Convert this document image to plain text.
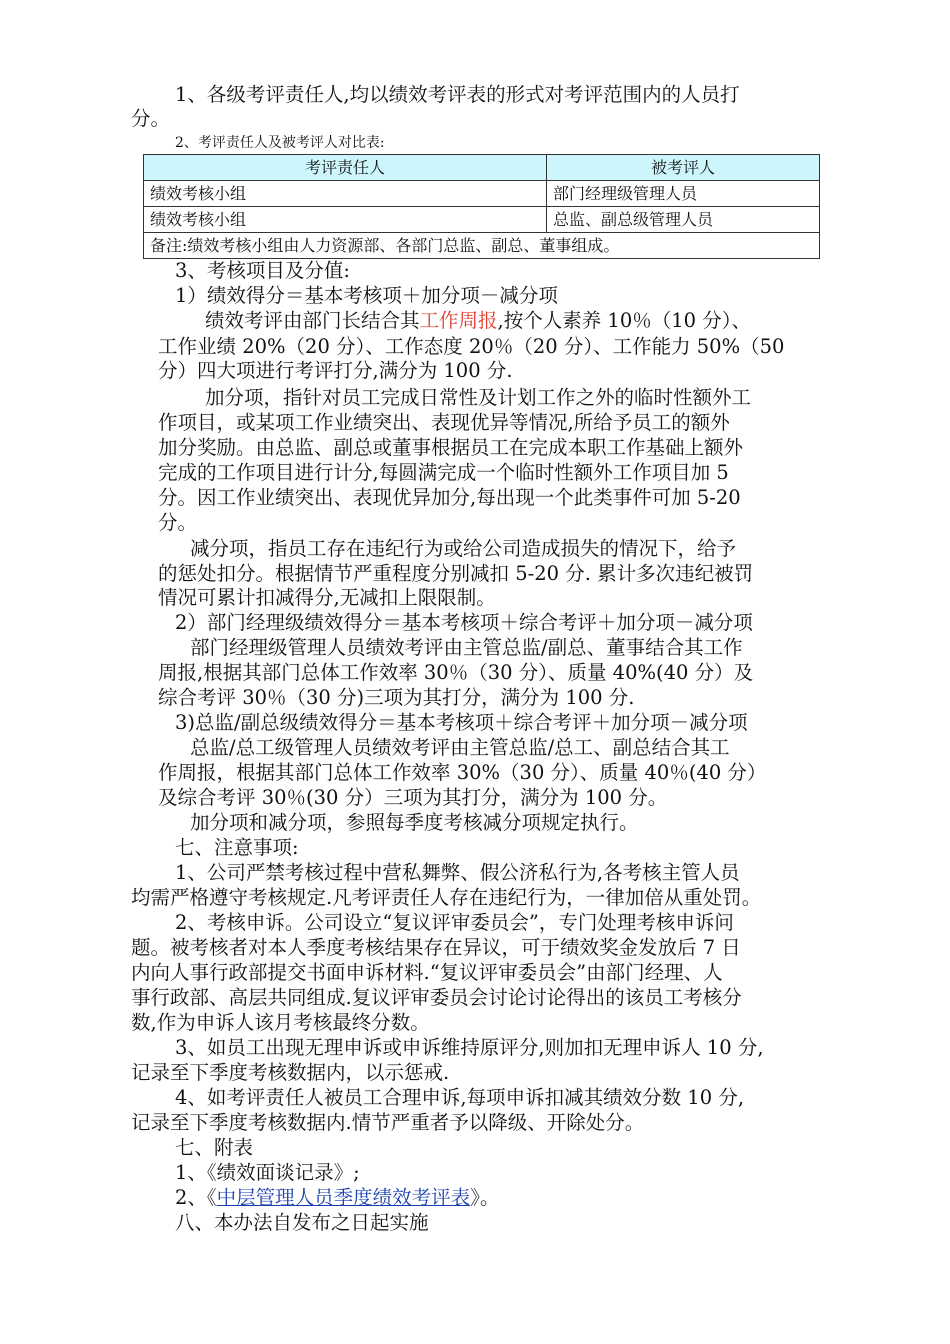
1、各级考评责任人,均以绩效考评表的形式对考评范围内的人员打
分。
2、考评责任人及被考评人对比表:
考评责任人	被考评人
绩效考核小组	部门经理级管理人员
绩效考核小组	总监、副总级管理人员
备注:绩效考核小组由人力资源部、各部门总监、副总、董事组成。	
3、考核项目及分值:
1）绩效得分＝基本考核项＋加分项－减分项
绩效考评由部门长结合其工作周报,按个人素养 10％（10 分）、
工作业绩 20%（20 分）、工作态度 20％（20 分）、工作能力 50%（50
分）四大项进行考评打分,满分为 100 分.
加分项，指针对员工完成日常性及计划工作之外的临时性额外工
作项目，或某项工作业绩突出、表现优异等情况,所给予员工的额外
加分奖励。由总监、副总或董事根据员工在完成本职工作基础上额外
完成的工作项目进行计分,每圆满完成一个临时性额外工作项目加 5
分。因工作业绩突出、表现优异加分,每出现一个此类事件可加 5-20
分。
减分项，指员工存在违纪行为或给公司造成损失的情况下，给予
的惩处扣分。根据情节严重程度分别减扣 5-20 分. 累计多次违纪被罚
情况可累计扣减得分,无减扣上限限制。
2）部门经理级绩效得分＝基本考核项＋综合考评＋加分项－减分项
部门经理级管理人员绩效考评由主管总监/副总、董事结合其工作
周报,根据其部门总体工作效率 30％（30 分）、质量 40%(40 分）及
综合考评 30％（30 分)三项为其打分，满分为 100 分.
3)总监/副总级绩效得分＝基本考核项＋综合考评＋加分项－减分项
总监/总工级管理人员绩效考评由主管总监/总工、副总结合其工
作周报，根据其部门总体工作效率 30%（30 分）、质量 40％(40 分）
及综合考评 30％(30 分）三项为其打分，满分为 100 分。
加分项和减分项，参照每季度考核减分项规定执行。
七、注意事项:
1、公司严禁考核过程中营私舞弊、假公济私行为,各考核主管人员
均需严格遵守考核规定.凡考评责任人存在违纪行为，一律加倍从重处罚。
2、考核申诉。公司设立“复议评审委员会”，专门处理考核申诉问
题。被考核者对本人季度考核结果存在异议，可于绩效奖金发放后 7 日
内向人事行政部提交书面申诉材料.“复议评审委员会”由部门经理、人
事行政部、高层共同组成.复议评审委员会讨论讨论得出的该员工考核分
数,作为申诉人该月考核最终分数。
3、如员工出现无理申诉或申诉维持原评分,则加扣无理申诉人 10 分,
记录至下季度考核数据内，以示惩戒.
4、如考评责任人被员工合理申诉,每项申诉扣减其绩效分数 10 分,
记录至下季度考核数据内.情节严重者予以降级、开除处分。
七、附表
1、《绩效面谈记录》;
2、《中层管理人员季度绩效考评表》。
八、本办法自发布之日起实施
